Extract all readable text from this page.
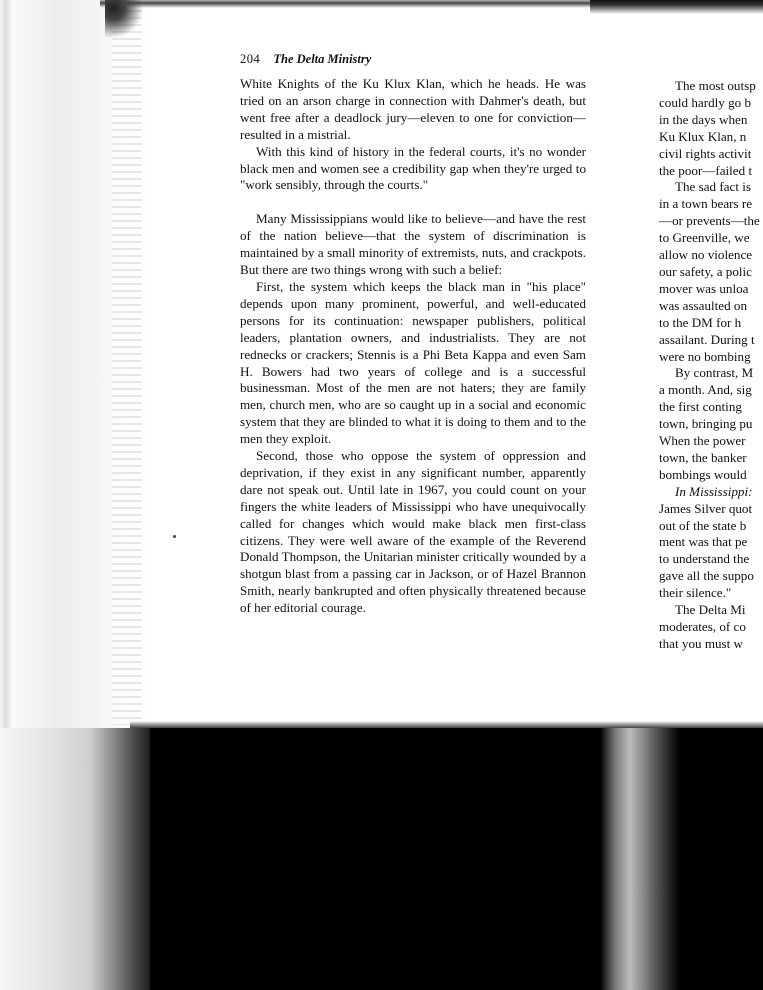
204 The Delta Ministry

White Knights of the Ku Klux Klan, which he heads. He was tried on an arson charge in connection with Dahmer's death, but went free after a deadlock jury—eleven to one for conviction—resulted in a mistrial.

With this kind of history in the federal courts, it's no wonder black men and women see a credibility gap when they're urged to "work sensibly, through the courts."

Many Mississippians would like to believe—and have the rest of the nation believe—that the system of discrimination is maintained by a small minority of extremists, nuts, and crackpots. But there are two things wrong with such a belief:

First, the system which keeps the black man in "his place" depends upon many prominent, powerful, and well-educated persons for its continuation: newspaper publishers, political leaders, plantation owners, and industrialists. They are not rednecks or crackers; Stennis is a Phi Beta Kappa and even Sam H. Bowers had two years of college and is a successful businessman. Most of the men are not haters; they are family men, church men, who are so caught up in a social and economic system that they are blinded to what it is doing to them and to the men they exploit.

Second, those who oppose the system of oppression and deprivation, if they exist in any significant number, apparently dare not speak out. Until late in 1967, you could count on your fingers the white leaders of Mississippi who have unequivocally called for changes which would make black men first-class citizens. They were well aware of the example of the Reverend Donald Thompson, the Unitarian minister critically wounded by a shotgun blast from a passing car in Jackson, or of Hazel Brannon Smith, nearly bankrupted and often physically threatened because of her editorial courage.

The most outsp

could hardly go b

in the days when

Ku Klux Klan, n

civil rights activit

the poor—failed t

The sad fact is

in a town bears re

—or prevents—the

to Greenville, we

allow no violence

our safety, a polic

mover was unloa

was assaulted on

to the DM for h

assailant. During t

were no bombing

By contrast, M

a month. And, sig

the first conting

town, bringing pu

When the power

town, the banker

bombings would

In Mississippi:

James Silver quot

out of the state b

ment was that pe

to understand the

gave all the suppo

their silence."

The Delta Mi

moderates, of co

that you must w
